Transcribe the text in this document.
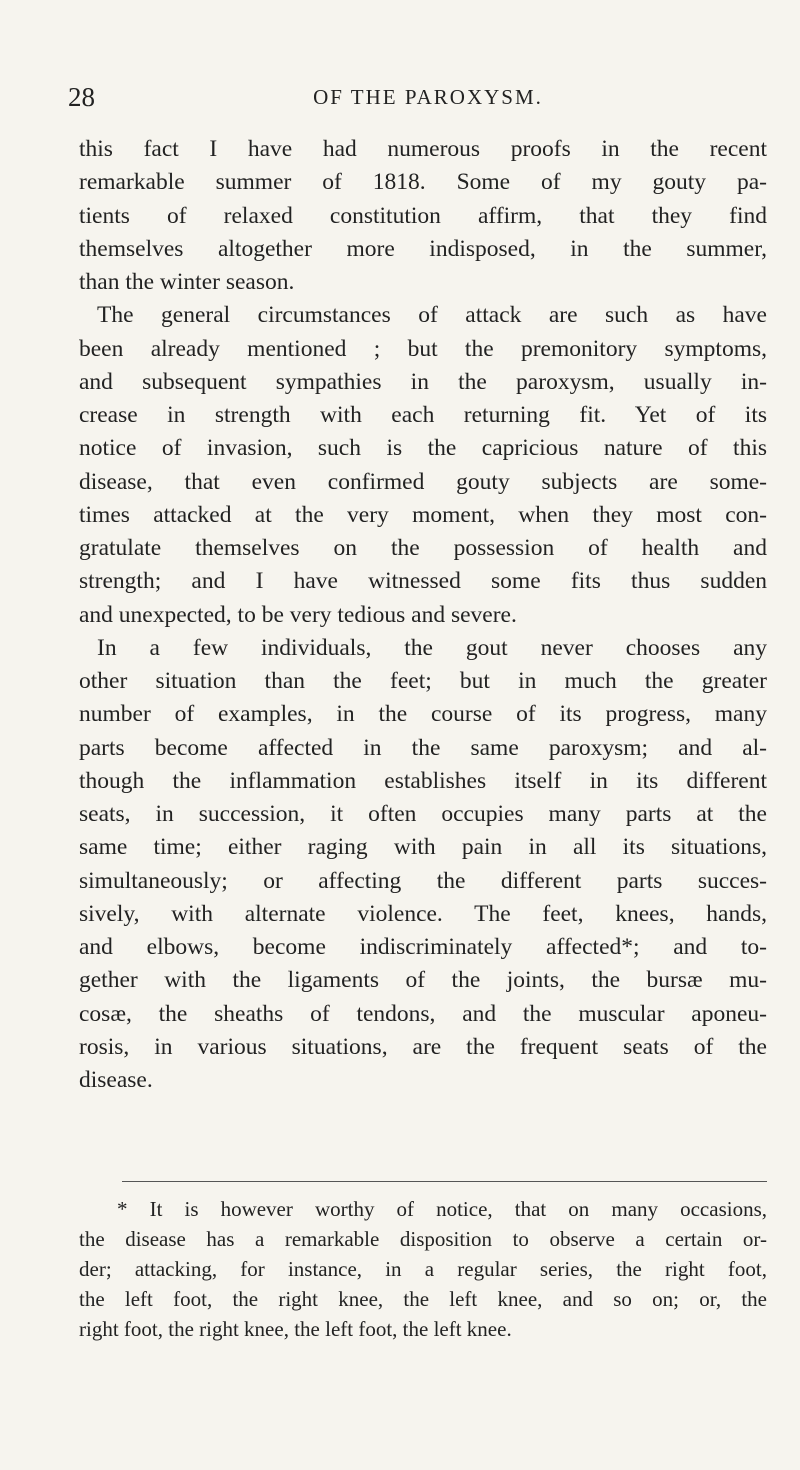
28	OF THE PAROXYSM.
this fact I have had numerous proofs in the recent
remarkable summer of 1818. Some of my gouty pa-
tients of relaxed constitution affirm, that they find
themselves altogether more indisposed, in the summer,
than the winter season.
The general circumstances of attack are such as have
been already mentioned ; but the premonitory symptoms,
and subsequent sympathies in the paroxysm, usually in-
crease in strength with each returning fit. Yet of its
notice of invasion, such is the capricious nature of this
disease, that even confirmed gouty subjects are some-
times attacked at the very moment, when they most con-
gratulate themselves on the possession of health and
strength; and I have witnessed some fits thus sudden
and unexpected, to be very tedious and severe.
In a few individuals, the gout never chooses any
other situation than the feet; but in much the greater
number of examples, in the course of its progress, many
parts become affected in the same paroxysm; and al-
though the inflammation establishes itself in its different
seats, in succession, it often occupies many parts at the
same time; either raging with pain in all its situations,
simultaneously; or affecting the different parts succes-
sively, with alternate violence. The feet, knees, hands,
and elbows, become indiscriminately affected*; and to-
gether with the ligaments of the joints, the bursæ mu-
cosæ, the sheaths of tendons, and the muscular aponeu-
rosis, in various situations, are the frequent seats of the
disease.
* It is however worthy of notice, that on many occasions,
the disease has a remarkable disposition to observe a certain or-
der; attacking, for instance, in a regular series, the right foot,
the left foot, the right knee, the left knee, and so on; or, the
right foot, the right knee, the left foot, the left knee.
